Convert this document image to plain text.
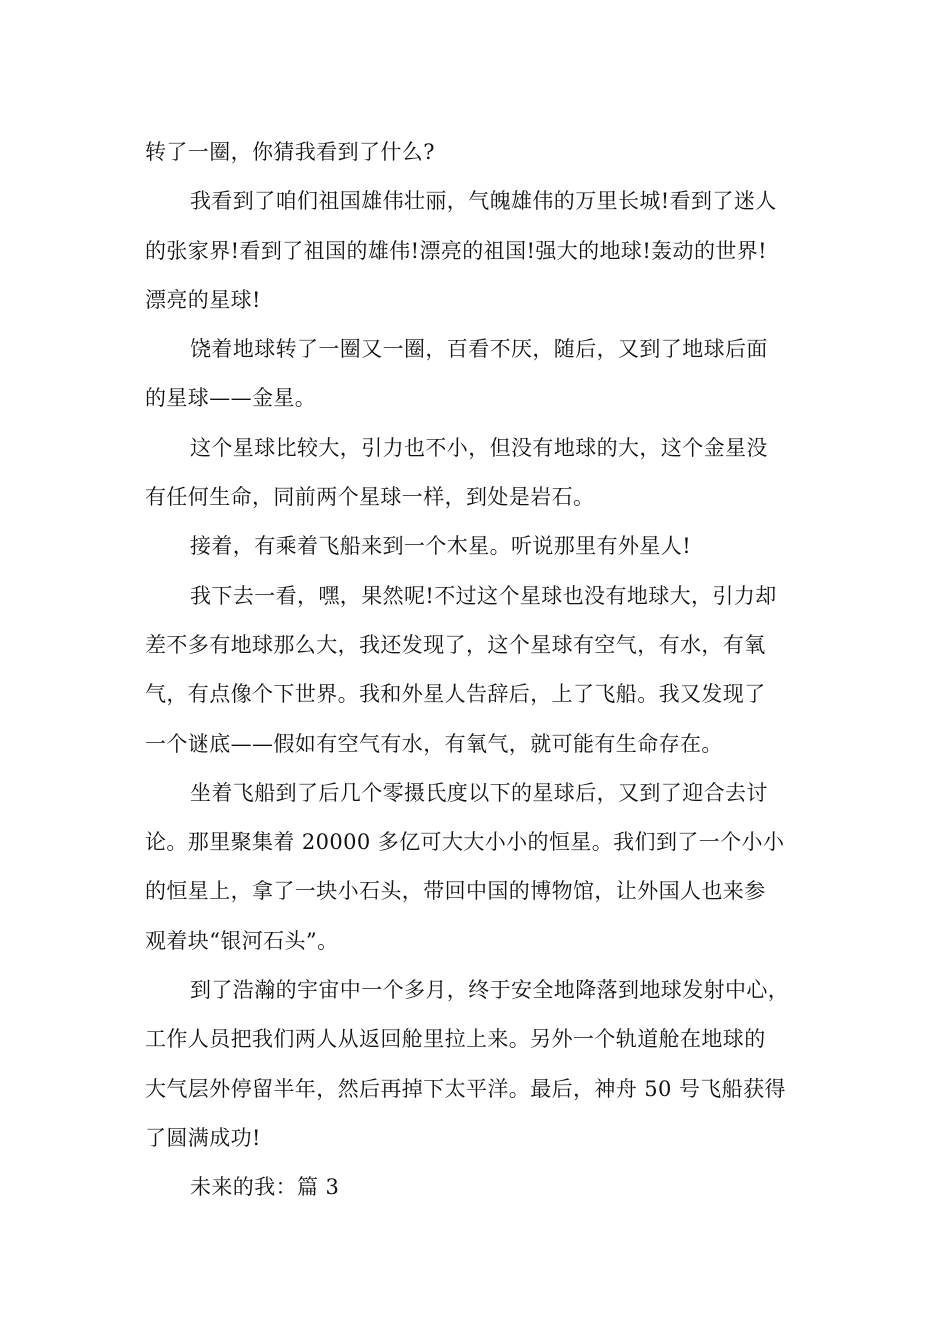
转了一圈，你猜我看到了什么?
我看到了咱们祖国雄伟壮丽，气魄雄伟的万里长城!看到了迷人
的张家界!看到了祖国的雄伟!漂亮的祖国!强大的地球!轰动的世界!
漂亮的星球!
饶着地球转了一圈又一圈，百看不厌，随后，又到了地球后面
的星球——金星。
这个星球比较大，引力也不小，但没有地球的大，这个金星没
有任何生命，同前两个星球一样，到处是岩石。
接着，有乘着飞船来到一个木星。听说那里有外星人!
我下去一看，嘿，果然呢!不过这个星球也没有地球大，引力却
差不多有地球那么大，我还发现了，这个星球有空气，有水，有氧
气，有点像个下世界。我和外星人告辞后，上了飞船。我又发现了
一个谜底——假如有空气有水，有氧气，就可能有生命存在。
坐着飞船到了后几个零摄氏度以下的星球后，又到了迎合去讨
论。那里聚集着 20000 多亿可大大小小的恒星。我们到了一个小小
的恒星上，拿了一块小石头，带回中国的博物馆，让外国人也来参
观着块“银河石头”。
到了浩瀚的宇宙中一个多月，终于安全地降落到地球发射中心，
工作人员把我们两人从返回舱里拉上来。另外一个轨道舱在地球的
大气层外停留半年，然后再掉下太平洋。最后，神舟 50 号飞船获得
了圆满成功!
未来的我：篇 3
